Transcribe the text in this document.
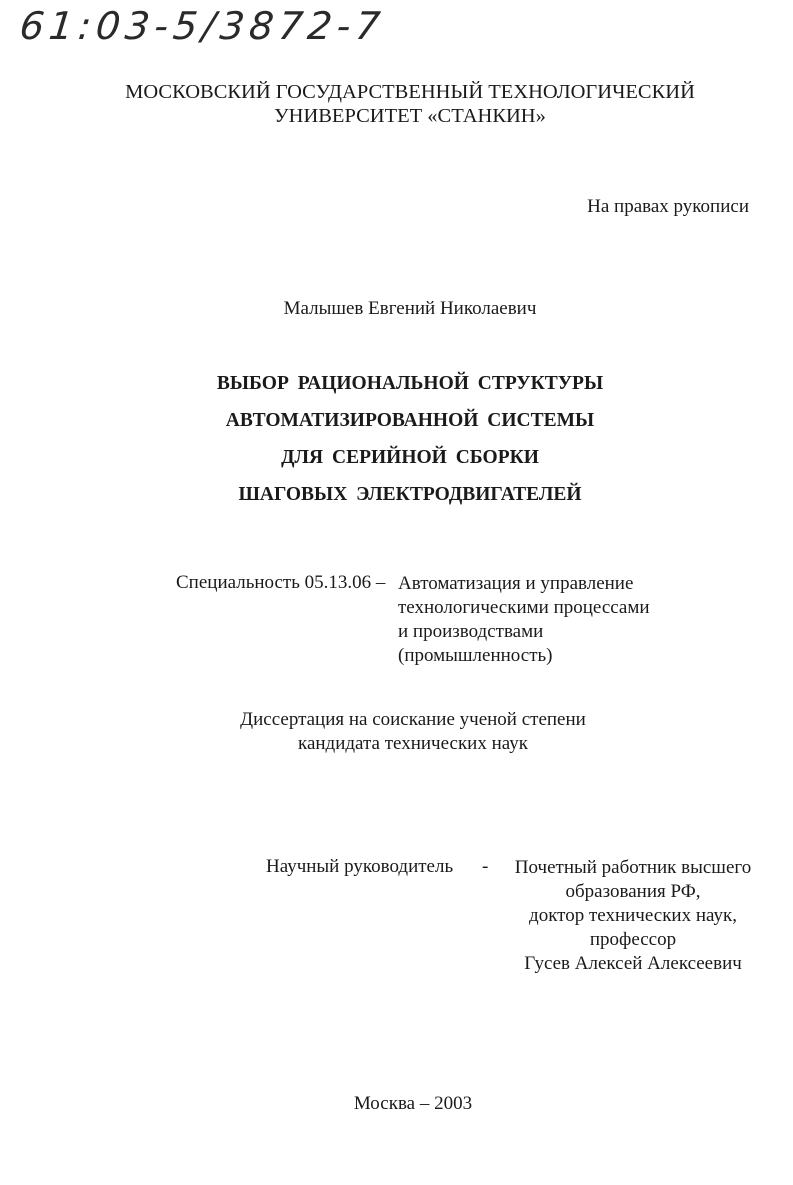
61:03-5/3872-7
МОСКОВСКИЙ ГОСУДАРСТВЕННЫЙ ТЕХНОЛОГИЧЕСКИЙ
УНИВЕРСИТЕТ «СТАНКИН»
На правах рукописи
Малышев Евгений Николаевич
ВЫБОР РАЦИОНАЛЬНОЙ СТРУКТУРЫ
АВТОМАТИЗИРОВАННОЙ СИСТЕМЫ
ДЛЯ СЕРИЙНОЙ СБОРКИ
ШАГОВЫХ ЭЛЕКТРОДВИГАТЕЛЕЙ
Специальность 05.13.06 – Автоматизация и управление
технологическими процессами
и производствами
(промышленность)
Диссертация на соискание ученой степени
кандидата технических наук
Научный руководитель -	Почетный работник высшего
образования РФ,
доктор технических наук,
профессор
Гусев Алексей Алексеевич
Москва – 2003
